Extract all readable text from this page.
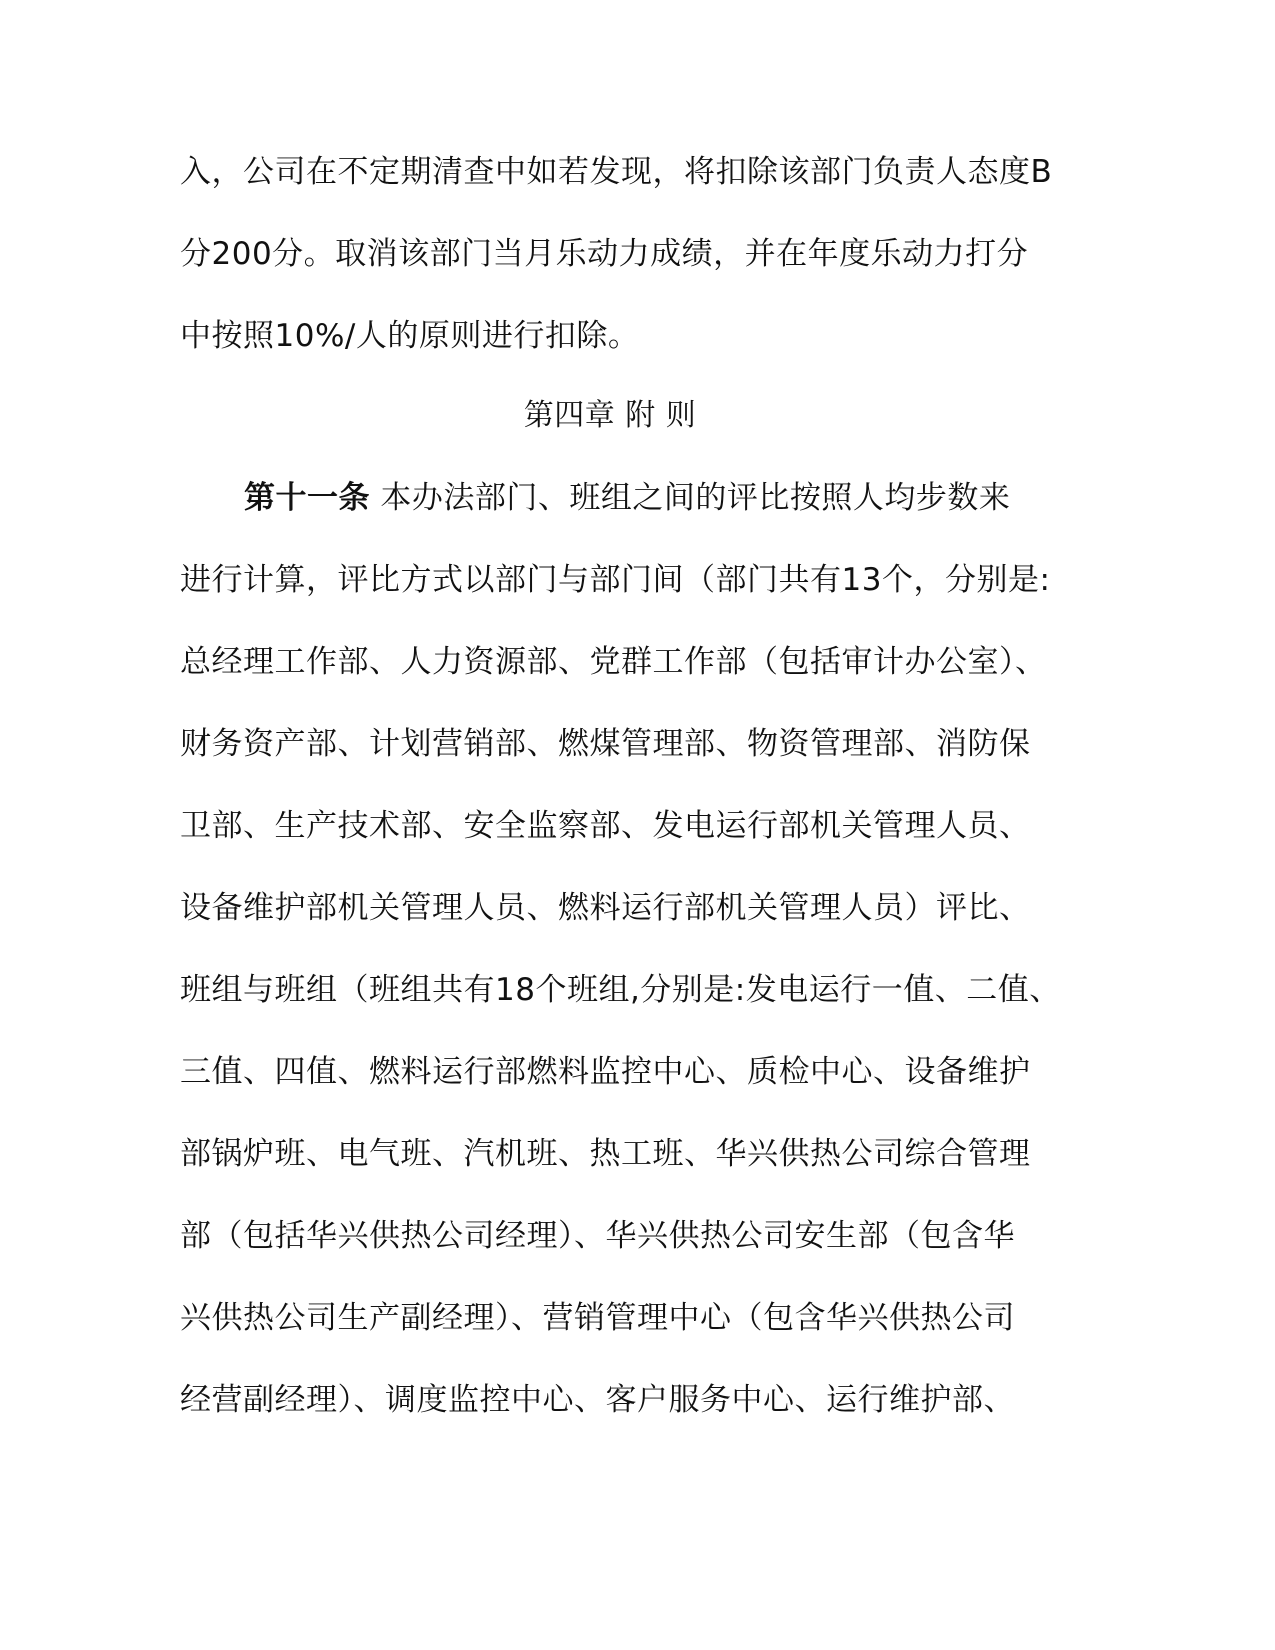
入，公司在不定期清查中如若发现，将扣除该部门负责人态度B
分200分。取消该部门当月乐动力成绩，并在年度乐动力打分
中按照10%/人的原则进行扣除。
第四章 附 则
第十一条 本办法部门、班组之间的评比按照人均步数来
进行计算，评比方式以部门与部门间（部门共有13个，分别是:
总经理工作部、人力资源部、党群工作部（包括审计办公室）、
财务资产部、计划营销部、燃煤管理部、物资管理部、消防保
卫部、生产技术部、安全监察部、发电运行部机关管理人员、
设备维护部机关管理人员、燃料运行部机关管理人员）评比、
班组与班组（班组共有18个班组,分别是:发电运行一值、二值、
三值、四值、燃料运行部燃料监控中心、质检中心、设备维护
部锅炉班、电气班、汽机班、热工班、华兴供热公司综合管理
部（包括华兴供热公司经理）、华兴供热公司安生部（包含华
兴供热公司生产副经理）、营销管理中心（包含华兴供热公司
经营副经理）、调度监控中心、客户服务中心、运行维护部、
